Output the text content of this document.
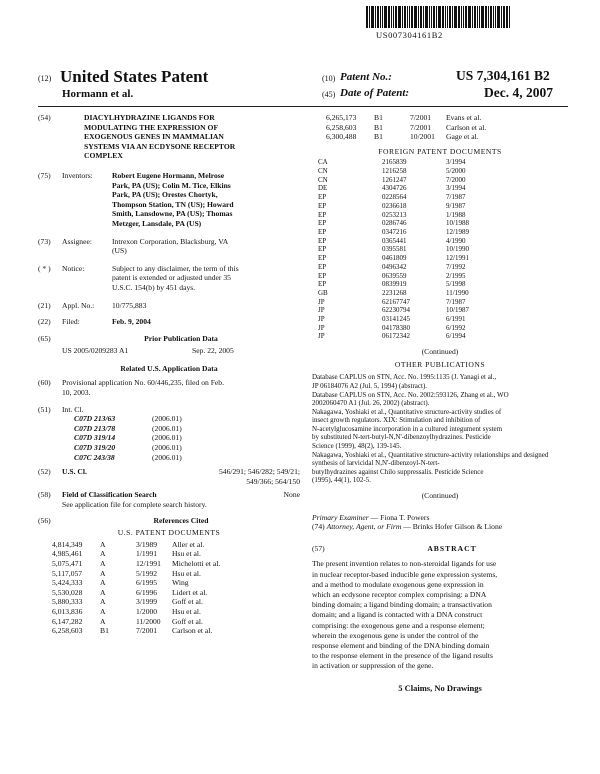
US007304161B2
(12) United States Patent
Hormann et al.
(10) Patent No.:	US 7,304,161 B2
(45) Date of Patent:	Dec. 4, 2007
(54)	DIACYLHYDRAZINE LIGANDS FOR
MODULATING THE EXPRESSION OF
EXOGENOUS GENES IN MAMMALIAN
SYSTEMS VIA AN ECDYSONE RECEPTOR
COMPLEX
(75)	Inventors:	Robert Eugene Hormann, Melrose
Park, PA (US); Colin M. Tice, Elkins
Park, PA (US); Orestes Chortyk,
Thompson Station, TN (US); Howard
Smith, Lansdowne, PA (US); Thomas
Metzger, Lansdale, PA (US)
(73)	Assignee:	Intrexon Corporation, Blacksburg, VA
(US)
( * )	Notice:	Subject to any disclaimer, the term of this
patent is extended or adjusted under 35
U.S.C. 154(b) by 451 days.
(21)	Appl. No.:	10/775,883
(22)	Filed:	Feb. 9, 2004
(65)	Prior Publication Data
US 2005/0209283 A1	Sep. 22, 2005
Related U.S. Application Data
(60)	Provisional application No. 60/446,235, filed on Feb.
10, 2003.
(51)	Int. Cl.
C07D 213/63	(2006.01)
C07D 213/78	(2006.01)
C07D 319/14	(2006.01)
C07D 319/20	(2006.01)
C07C 243/38	(2006.01)
(52)	U.S. Cl.	546/291; 546/282; 549/21;
549/366; 564/150
(58)	Field of Classification Search	None
See application file for complete search history.
(56)	References Cited
U.S. PATENT DOCUMENTS
4,814,349 A	3/1989 Aller et al.
4,985,461 A	1/1991 Hsu et al.
5,075,471 A	12/1991 Michelotti et al.
5,117,057 A	5/1992 Hsu et al.
5,424,333 A	6/1995 Wing
5,530,028 A	6/1996 Lidert et al.
5,880,333 A	3/1999 Goff et al.
6,013,836 A	1/2000 Hsu et al.
6,147,282 A	11/2000 Goff et al.
6,258,603 B1	7/2001 Carlson et al.
6,265,173 B1	7/2001 Evans et al.
6,258,603 B1	7/2001 Carlson et al.
6,300,488 B1	10/2001 Gage et al.
FOREIGN PATENT DOCUMENTS
CA	2165839	3/1994
CN	1216258	5/2000
CN	1261247	7/2000
DE	4304726	3/1994
EP	0228564	7/1987
EP	0236618	9/1987
EP	0253213	1/1988
EP	0286746	10/1988
EP	0347216	12/1989
EP	0365441	4/1990
EP	0395581	10/1990
EP	0461809	12/1991
EP	0496342	7/1992
EP	0639559	2/1995
EP	0839919	5/1998
GB	2231268	11/1990
JP	62167747	7/1987
JP	62230794	10/1987
JP	03141245	6/1991
JP	04178380	6/1992
JP	06172342	6/1994
(Continued)
OTHER PUBLICATIONS
Database CAPLUS on STN, Acc. No. 1995:1135 (J. Yanagi et al.,
JP 06184076 A2 (Jul. 5, 1994) (abstract).
Database CAPLUS on STN, Acc. No. 2002:593126, Zhang et al., WO
2002060470 A1 (Jul. 26, 2002) (abstract).
Nakagawa, Yoshiaki et al., Quantitative structure-activity studies of
insect growth regulators. XIX: Stimulation and inhibition of
N-acetylglucosamine incorporation in a cultured integument system
by substituted N-tert-butyl-N,N'-dibenzoylhydrazines. Pesticide
Science (1999), 48(2), 139-145.
Nakagawa, Yoshiaki et al., Quantitative structure-activity relationships and designed synthesis of larvicidal N,N'-dibenzoyl-N-tert-
butylhydrazines against Chilo suppressalis. Pesticide Science
(1995), 44(1), 102-5.
(Continued)
Primary Examiner — Fiona T. Powers
(74) Attorney, Agent, or Firm — Brinks Hofer Gilson & Lione
(57)	ABSTRACT
The present invention relates to non-steroidal ligands for use
in nuclear receptor-based inducible gene expression systems,
and a method to modulate exogenous gene expression in
which an ecdysone receptor complex comprising: a DNA
binding domain; a ligand binding domain; a transactivation
domain; and a ligand is contacted with a DNA construct
comprising: the exogenous gene and a response element;
wherein the exogenous gene is under the control of the
response element and binding of the DNA binding domain
to the response element in the presence of the ligand results
in activation or suppression of the gene.
5 Claims, No Drawings
